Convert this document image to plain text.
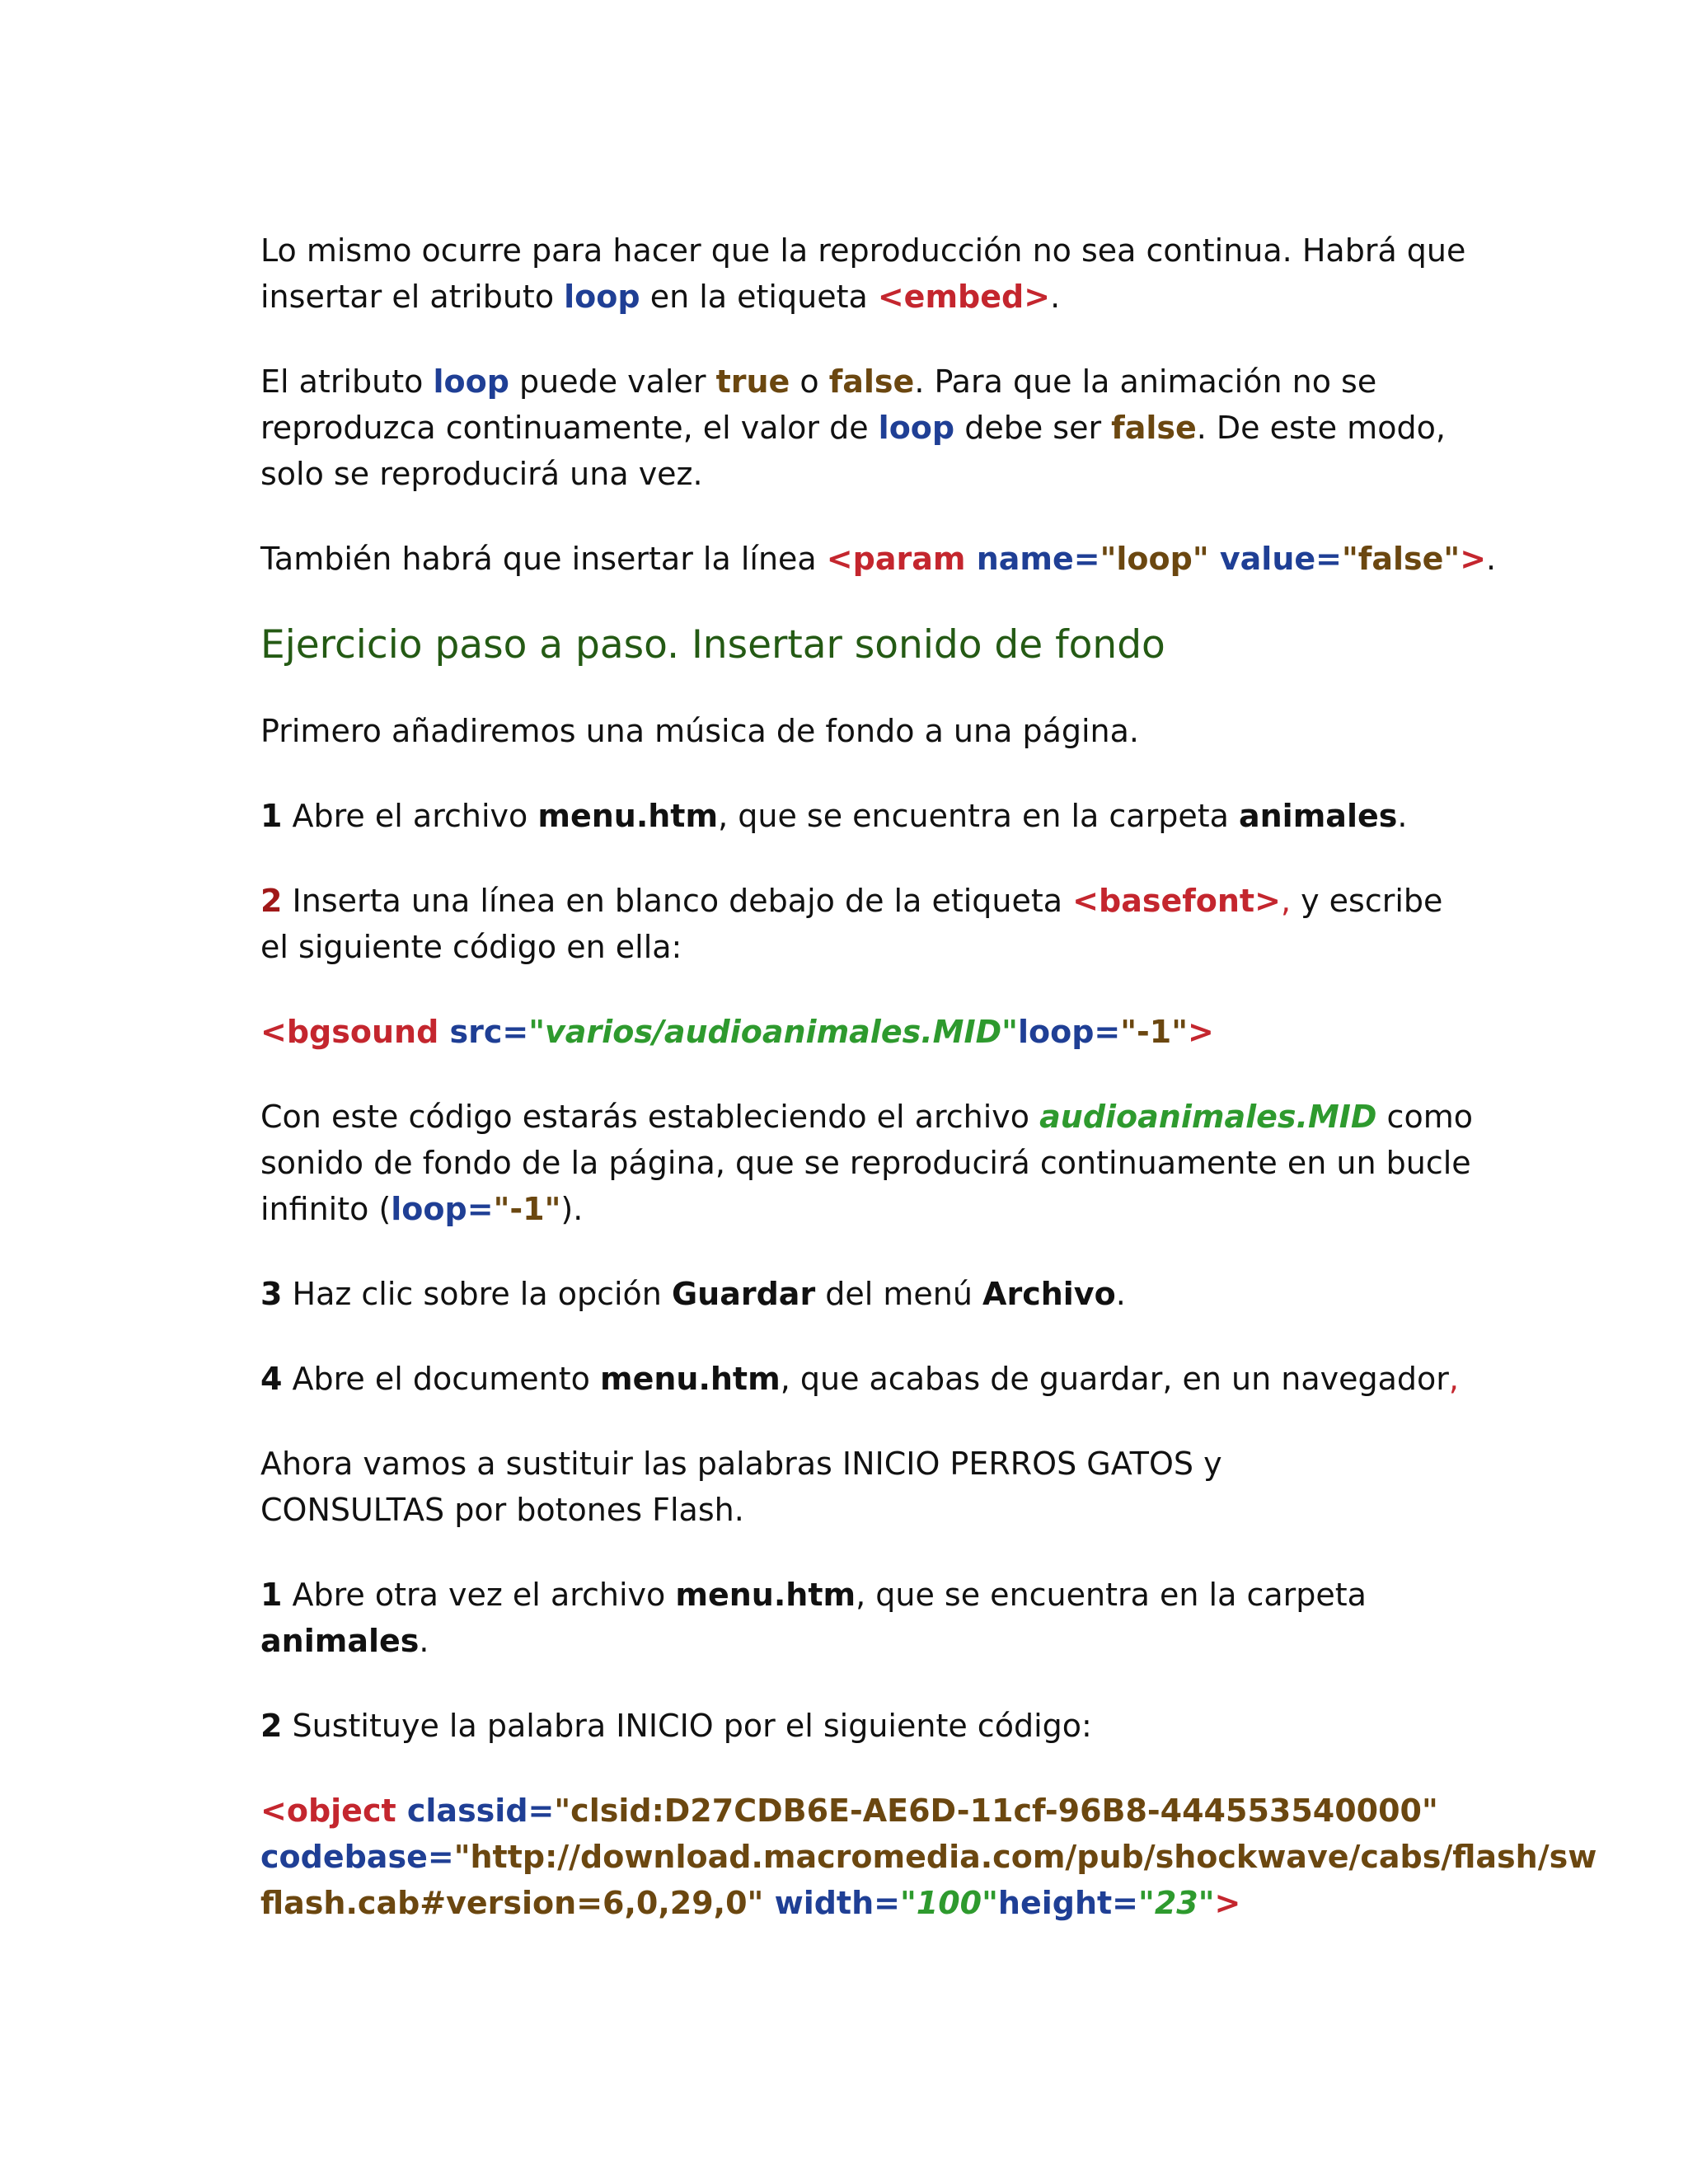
Lo mismo ocurre para hacer que la reproducción no sea continua. Habrá que
insertar el atributo loop en la etiqueta <embed>.

El atributo loop puede valer true o false. Para que la animación no se
reproduzca continuamente, el valor de loop debe ser false. De este modo,
solo se reproducirá una vez.

También habrá que insertar la línea <param name="loop" value="false">.

Ejercicio paso a paso. Insertar sonido de fondo

Primero añadiremos una música de fondo a una página.

1 Abre el archivo menu.htm, que se encuentra en la carpeta animales.

2 Inserta una línea en blanco debajo de la etiqueta <basefont>, y escribe
el siguiente código en ella:

<bgsound src="varios/audioanimales.MID"loop="-1">

Con este código estarás estableciendo el archivo audioanimales.MID como
sonido de fondo de la página, que se reproducirá continuamente en un bucle
infinito (loop="-1").

3 Haz clic sobre la opción Guardar del menú Archivo.

4 Abre el documento menu.htm, que acabas de guardar, en un navegador,

Ahora vamos a sustituir las palabras INICIO PERROS GATOS y
CONSULTAS por botones Flash.

1 Abre otra vez el archivo menu.htm, que se encuentra en la carpeta
animales.

2 Sustituye la palabra INICIO por el siguiente código:

<object classid="clsid:D27CDB6E-AE6D-11cf-96B8-444553540000"
codebase="http://download.macromedia.com/pub/shockwave/cabs/flash/sw
flash.cab#version=6,0,29,0" width="100"height="23">
